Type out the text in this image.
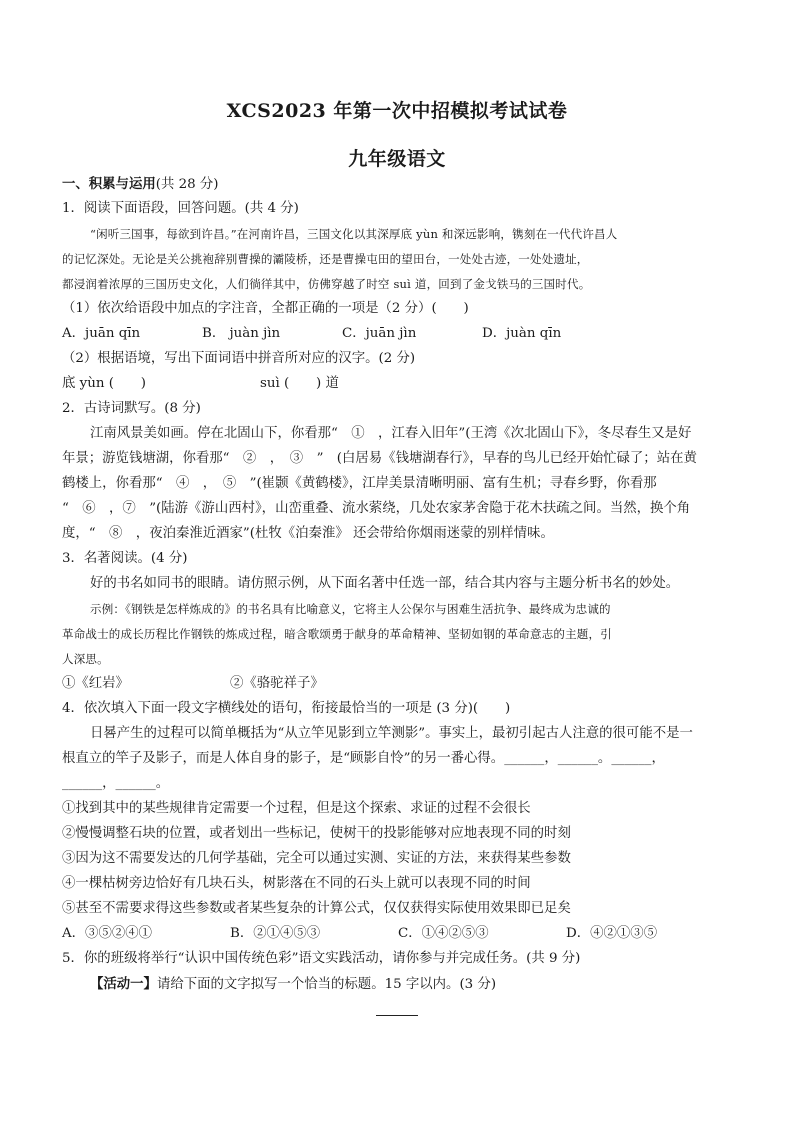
XCS2023 年第一次中招模拟考试试卷
九年级语文
一、积累与运用(共 28 分)
1．阅读下面语段，回答问题。(共 4 分)
“闲听三国事，每欲到许昌。”在河南许昌，三国文化以其深厚底 yùn 和深远影响，镌刻在一代代许昌人
的记忆深处。无论是关公挑袍辞别曹操的灞陵桥，还是曹操屯田的望田台，一处处古迹，一处处遗址，
都浸润着浓厚的三国历史文化，人们徜徉其中，仿佛穿越了时空 suì 道，回到了金戈铁马的三国时代。
（1）依次给语段中加点的字注音，全都正确的一项是（2 分）(　　)
A．juān qīn	B． juàn jìn	C．juān jìn	D．juàn qīn
（2）根据语境，写出下面词语中拼音所对应的汉字。(2 分)
底 yùn (　　)	suì (　　) 道
2．古诗词默写。(8 分)
江南风景美如画。停在北固山下，你看那“　①　，江春入旧年”(王湾《次北固山下》，冬尽春生又是好
年景；游览钱塘湖，你看那“　②　，　③　”　(白居易《钱塘湖春行》，早春的鸟儿已经开始忙碌了；站在黄
鹤楼上，你看那“　④　，　⑤　”(崔颢《黄鹤楼》，江岸美景清晰明丽、富有生机；寻春乡野，你看那
“　⑥　，⑦　”(陆游《游山西村》，山峦重叠、流水萦绕，几处农家茅舍隐于花木扶疏之间。当然，换个角
度，“　⑧　，夜泊秦淮近酒家”(杜牧《泊秦淮》 还会带给你烟雨迷蒙的别样情味。
3．名著阅读。(4 分)
好的书名如同书的眼睛。请仿照示例，从下面名著中任选一部，结合其内容与主题分析书名的妙处。
示例：《钢铁是怎样炼成的》的书名具有比喻意义，它将主人公保尔与困难生活抗争、最终成为忠诚的
革命战士的成长历程比作钢铁的炼成过程，暗含歌颂勇于献身的革命精神、坚韧如钢的革命意志的主题，引
人深思。
①《红岩》	②《骆驼祥子》
4．依次填入下面一段文字横线处的语句，衔接最恰当的一项是 (3 分)(　　)
日晷产生的过程可以简单概括为“从立竿见影到立竿测影”。事实上，最初引起古人注意的很可能不是一
根直立的竿子及影子，而是人体自身的影子，是“顾影自怜”的另一番心得。______，______。______，
______，______。
①找到其中的某些规律肯定需要一个过程，但是这个探索、求证的过程不会很长
②慢慢调整石块的位置，或者划出一些标记，使树干的投影能够对应地表现不同的时刻
③因为这不需要发达的几何学基础，完全可以通过实测、实证的方法，来获得某些参数
④一棵枯树旁边恰好有几块石头，树影落在不同的石头上就可以表现不同的时间
⑤甚至不需要求得这些参数或者某些复杂的计算公式，仅仅获得实际使用效果即已足矣
A．③⑤②④①	B．②①④⑤③	C．①④②⑤③	D．④②①③⑤
5．你的班级将举行“认识中国传统色彩”语文实践活动，请你参与并完成任务。(共 9 分)
【活动一】请给下面的文字拟写一个恰当的标题。15 字以内。(3 分)
